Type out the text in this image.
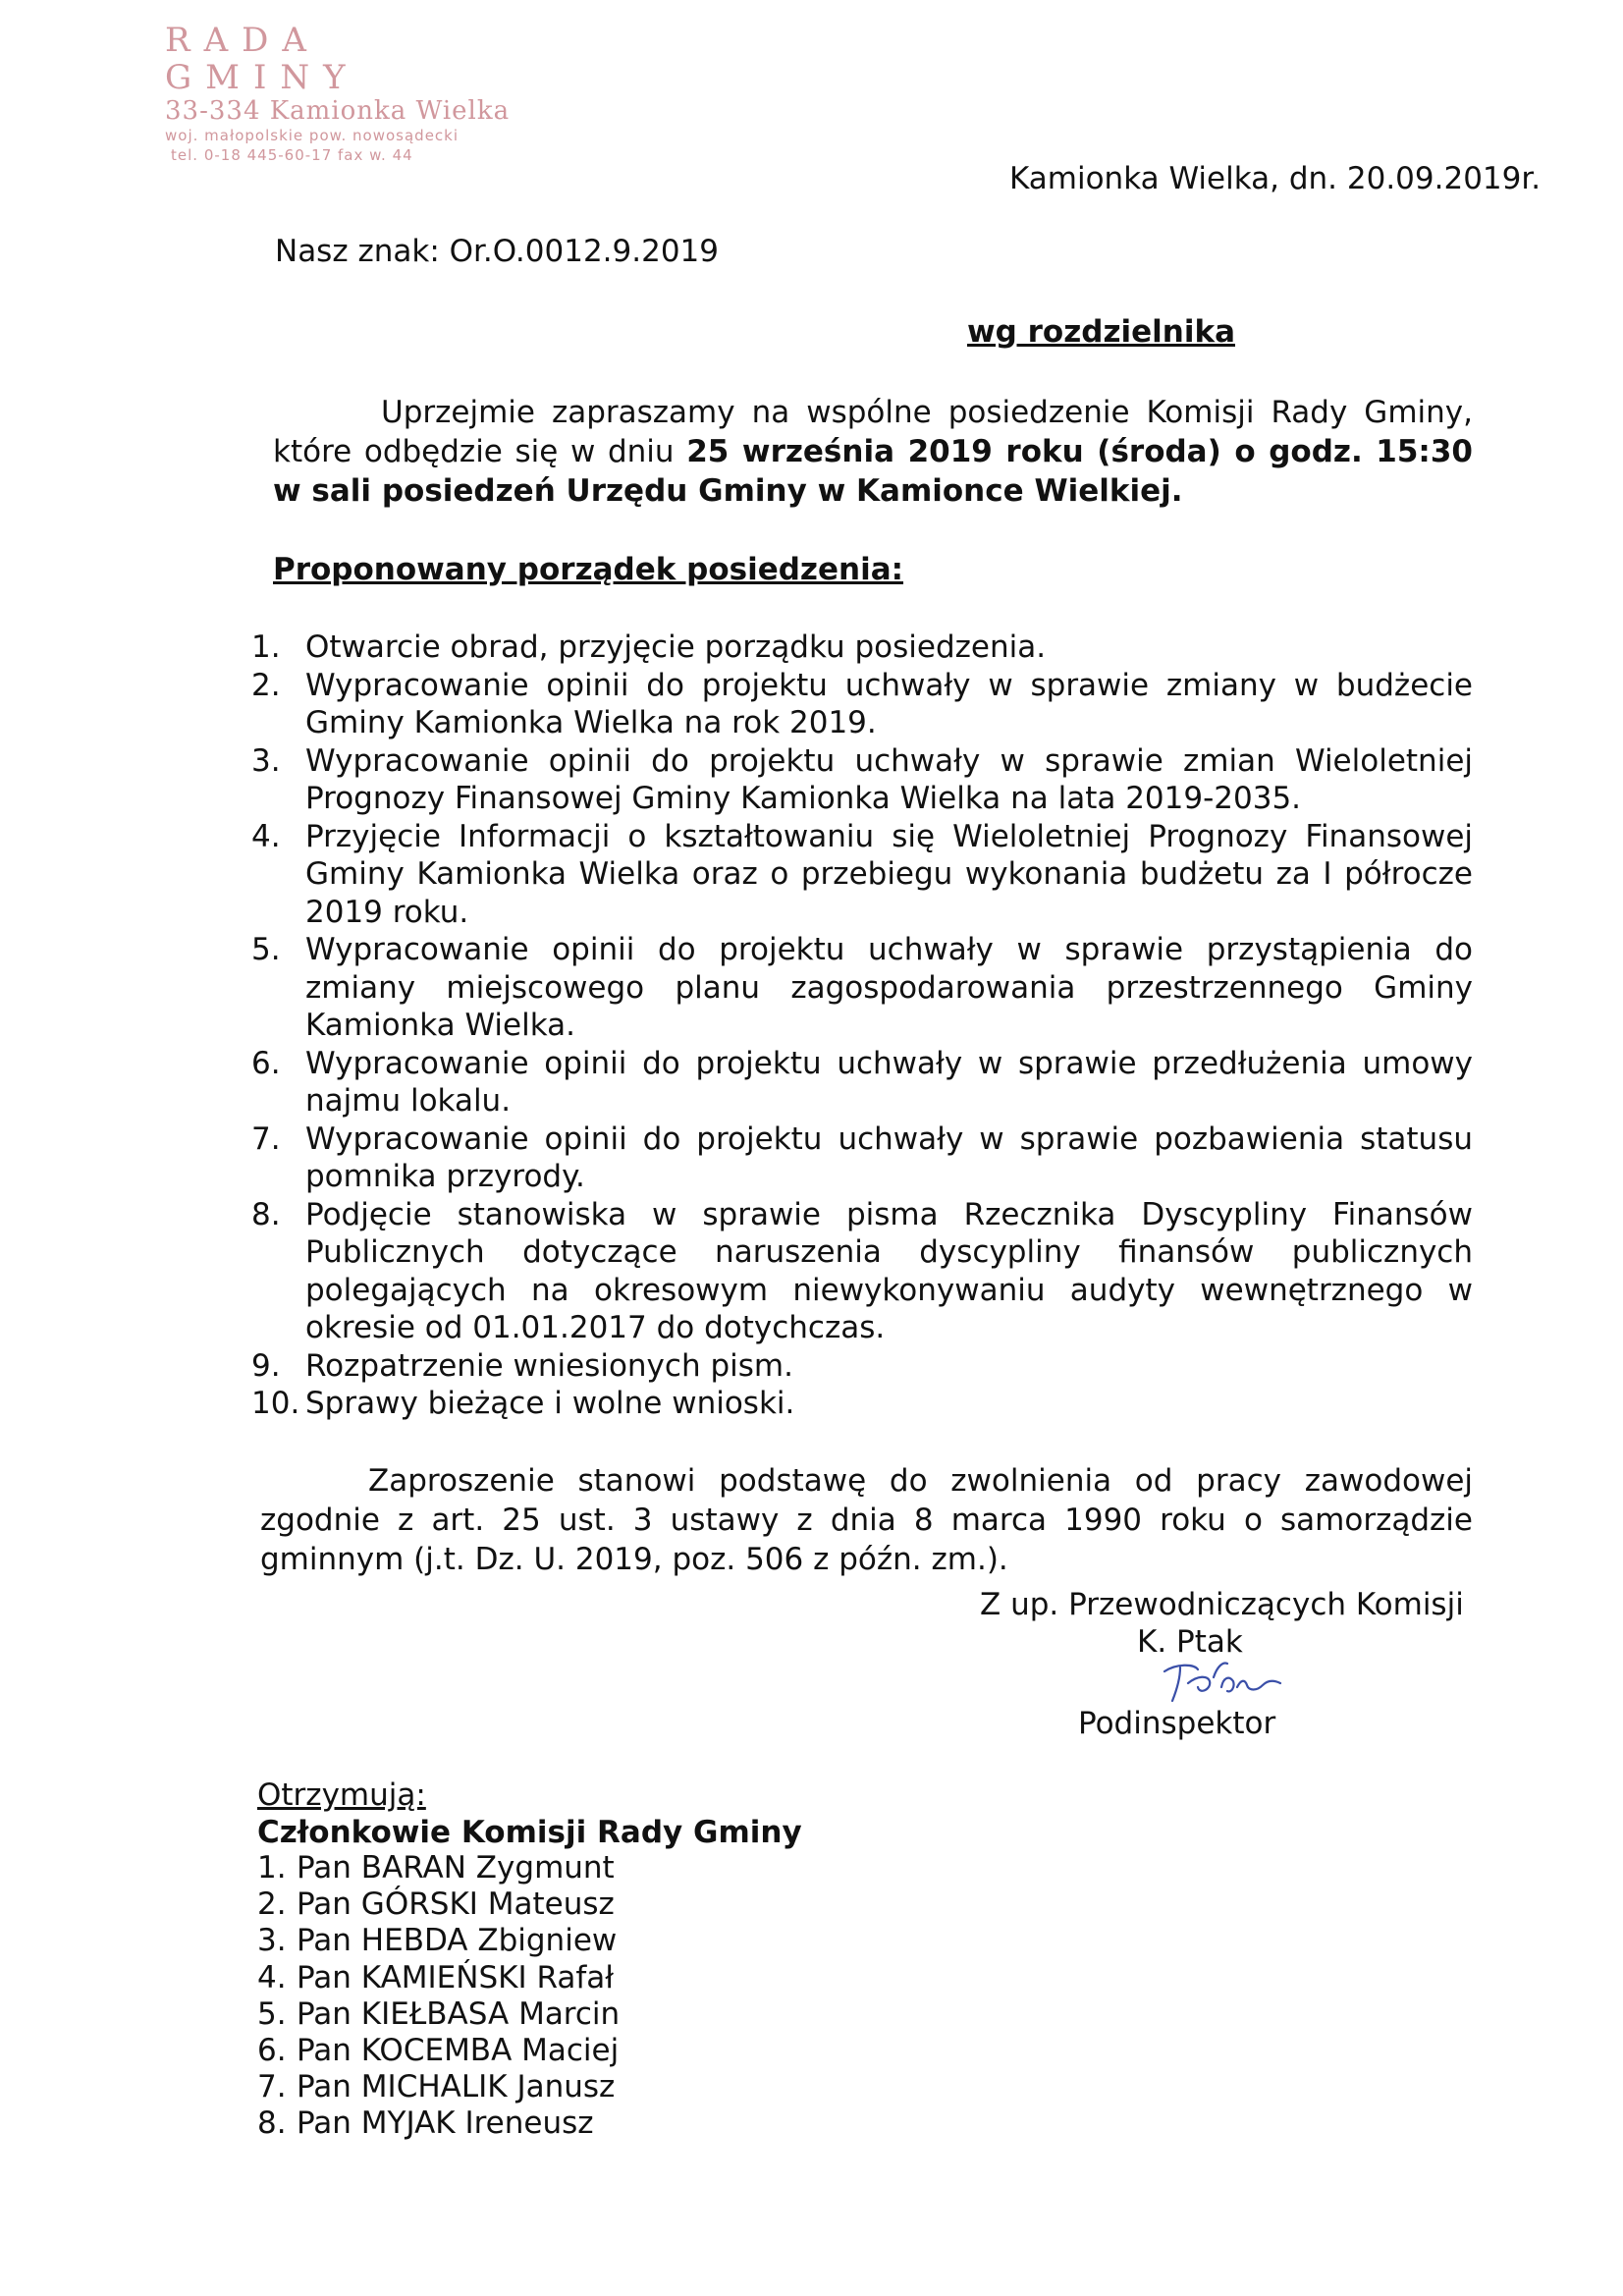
RADA GMINY
33-334 Kamionka Wielka
woj. małopolskie pow. nowosądecki
tel. 0-18 445-60-17 fax w. 44
Kamionka Wielka, dn. 20.09.2019r.
Nasz znak: Or.O.0012.9.2019
wg rozdzielnika
Uprzejmie zapraszamy na wspólne posiedzenie Komisji Rady Gminy, które odbędzie się w dniu 25 września 2019 roku (środa) o godz. 15:30 w sali posiedzeń Urzędu Gminy w Kamionce Wielkiej.
Proponowany porządek posiedzenia:
1. Otwarcie obrad, przyjęcie porządku posiedzenia.
2. Wypracowanie opinii do projektu uchwały w sprawie zmiany w budżecie Gminy Kamionka Wielka na rok 2019.
3. Wypracowanie opinii do projektu uchwały w sprawie zmian Wieloletniej Prognozy Finansowej Gminy Kamionka Wielka na lata 2019-2035.
4. Przyjęcie Informacji o kształtowaniu się Wieloletniej Prognozy Finansowej Gminy Kamionka Wielka oraz o przebiegu wykonania budżetu za I półrocze 2019 roku.
5. Wypracowanie opinii do projektu uchwały w sprawie przystąpienia do zmiany miejscowego planu zagospodarowania przestrzennego Gminy Kamionka Wielka.
6. Wypracowanie opinii do projektu uchwały w sprawie przedłużenia umowy najmu lokalu.
7. Wypracowanie opinii do projektu uchwały w sprawie pozbawienia statusu pomnika przyrody.
8. Podjęcie stanowiska w sprawie pisma Rzecznika Dyscypliny Finansów Publicznych dotyczące naruszenia dyscypliny finansów publicznych polegających na okresowym niewykonywaniu audyty wewnętrznego w okresie od 01.01.2017 do dotychczas.
9. Rozpatrzenie wniesionych pism.
10. Sprawy bieżące i wolne wnioski.
Zaproszenie stanowi podstawę do zwolnienia od pracy zawodowej zgodnie z art. 25 ust. 3 ustawy z dnia 8 marca 1990 roku o samorządzie gminnym (j.t. Dz. U. 2019, poz. 506 z późn. zm.).
Z up. Przewodniczących Komisji
K. Ptak
Podinspektor
Otrzymują:
Członkowie Komisji Rady Gminy
1. Pan BARAN Zygmunt
2. Pan GÓRSKI Mateusz
3. Pan HEBDA Zbigniew
4. Pan KAMIEŃSKI Rafał
5. Pan KIEŁBASA Marcin
6. Pan KOCEMBA Maciej
7. Pan MICHALIK Janusz
8. Pan MYJAK Ireneusz
